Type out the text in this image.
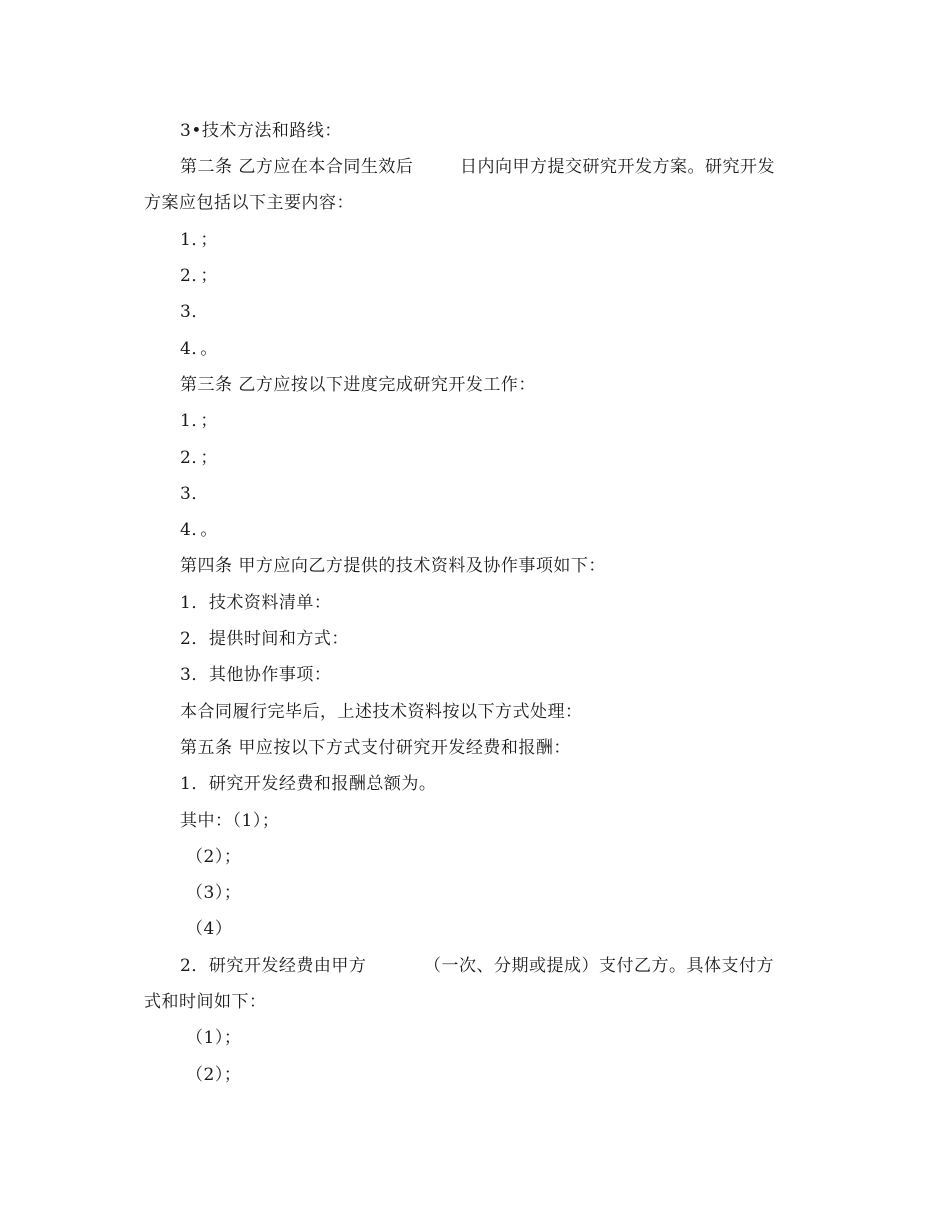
3•技术方法和路线：
第二条 乙方应在本合同生效后	日内向甲方提交研究开发方案。研究开发
方案应包括以下主要内容：
1．；
2．；
3．
4．。
第三条 乙方应按以下进度完成研究开发工作：
1．；
2．；
3．
4．。
第四条 甲方应向乙方提供的技术资料及协作事项如下：
1．技术资料清单：
2．提供时间和方式：
3．其他协作事项：
本合同履行完毕后，上述技术资料按以下方式处理：
第五条 甲应按以下方式支付研究开发经费和报酬：
1．研究开发经费和报酬总额为。
其中：（1）；
（2）；
（3）；
（4）
2．研究开发经费由甲方	（一次、分期或提成）支付乙方。具体支付方
式和时间如下：
（1）；
（2）；
